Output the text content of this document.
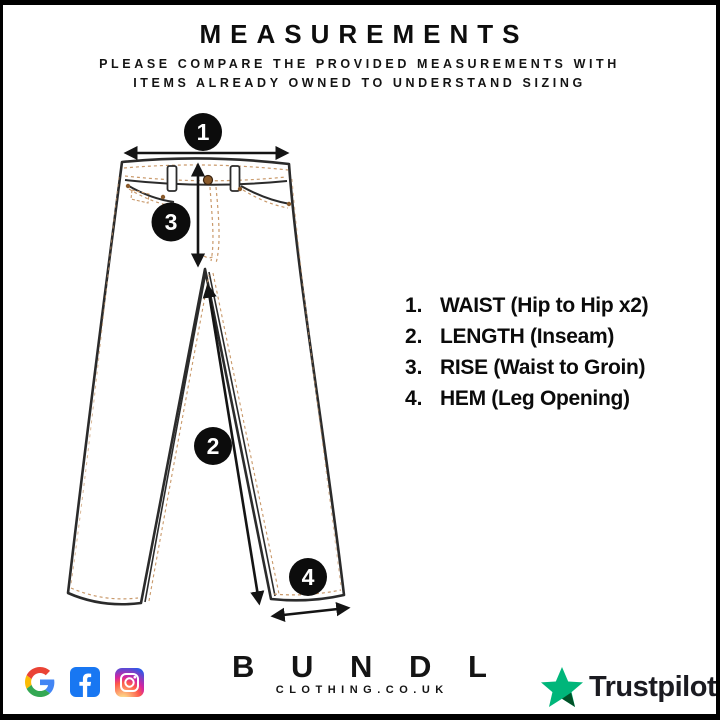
MEASUREMENTS
PLEASE COMPARE THE PROVIDED MEASUREMENTS WITH
ITEMS ALREADY OWNED TO UNDERSTAND SIZING
1
3
2
4
1. WAIST (Hip to Hip x2)
2. LENGTH (Inseam)
3. RISE (Waist to Groin)
4. HEM (Leg Opening)
B U N D L
CLOTHING.CO.UK	Trustpilot
